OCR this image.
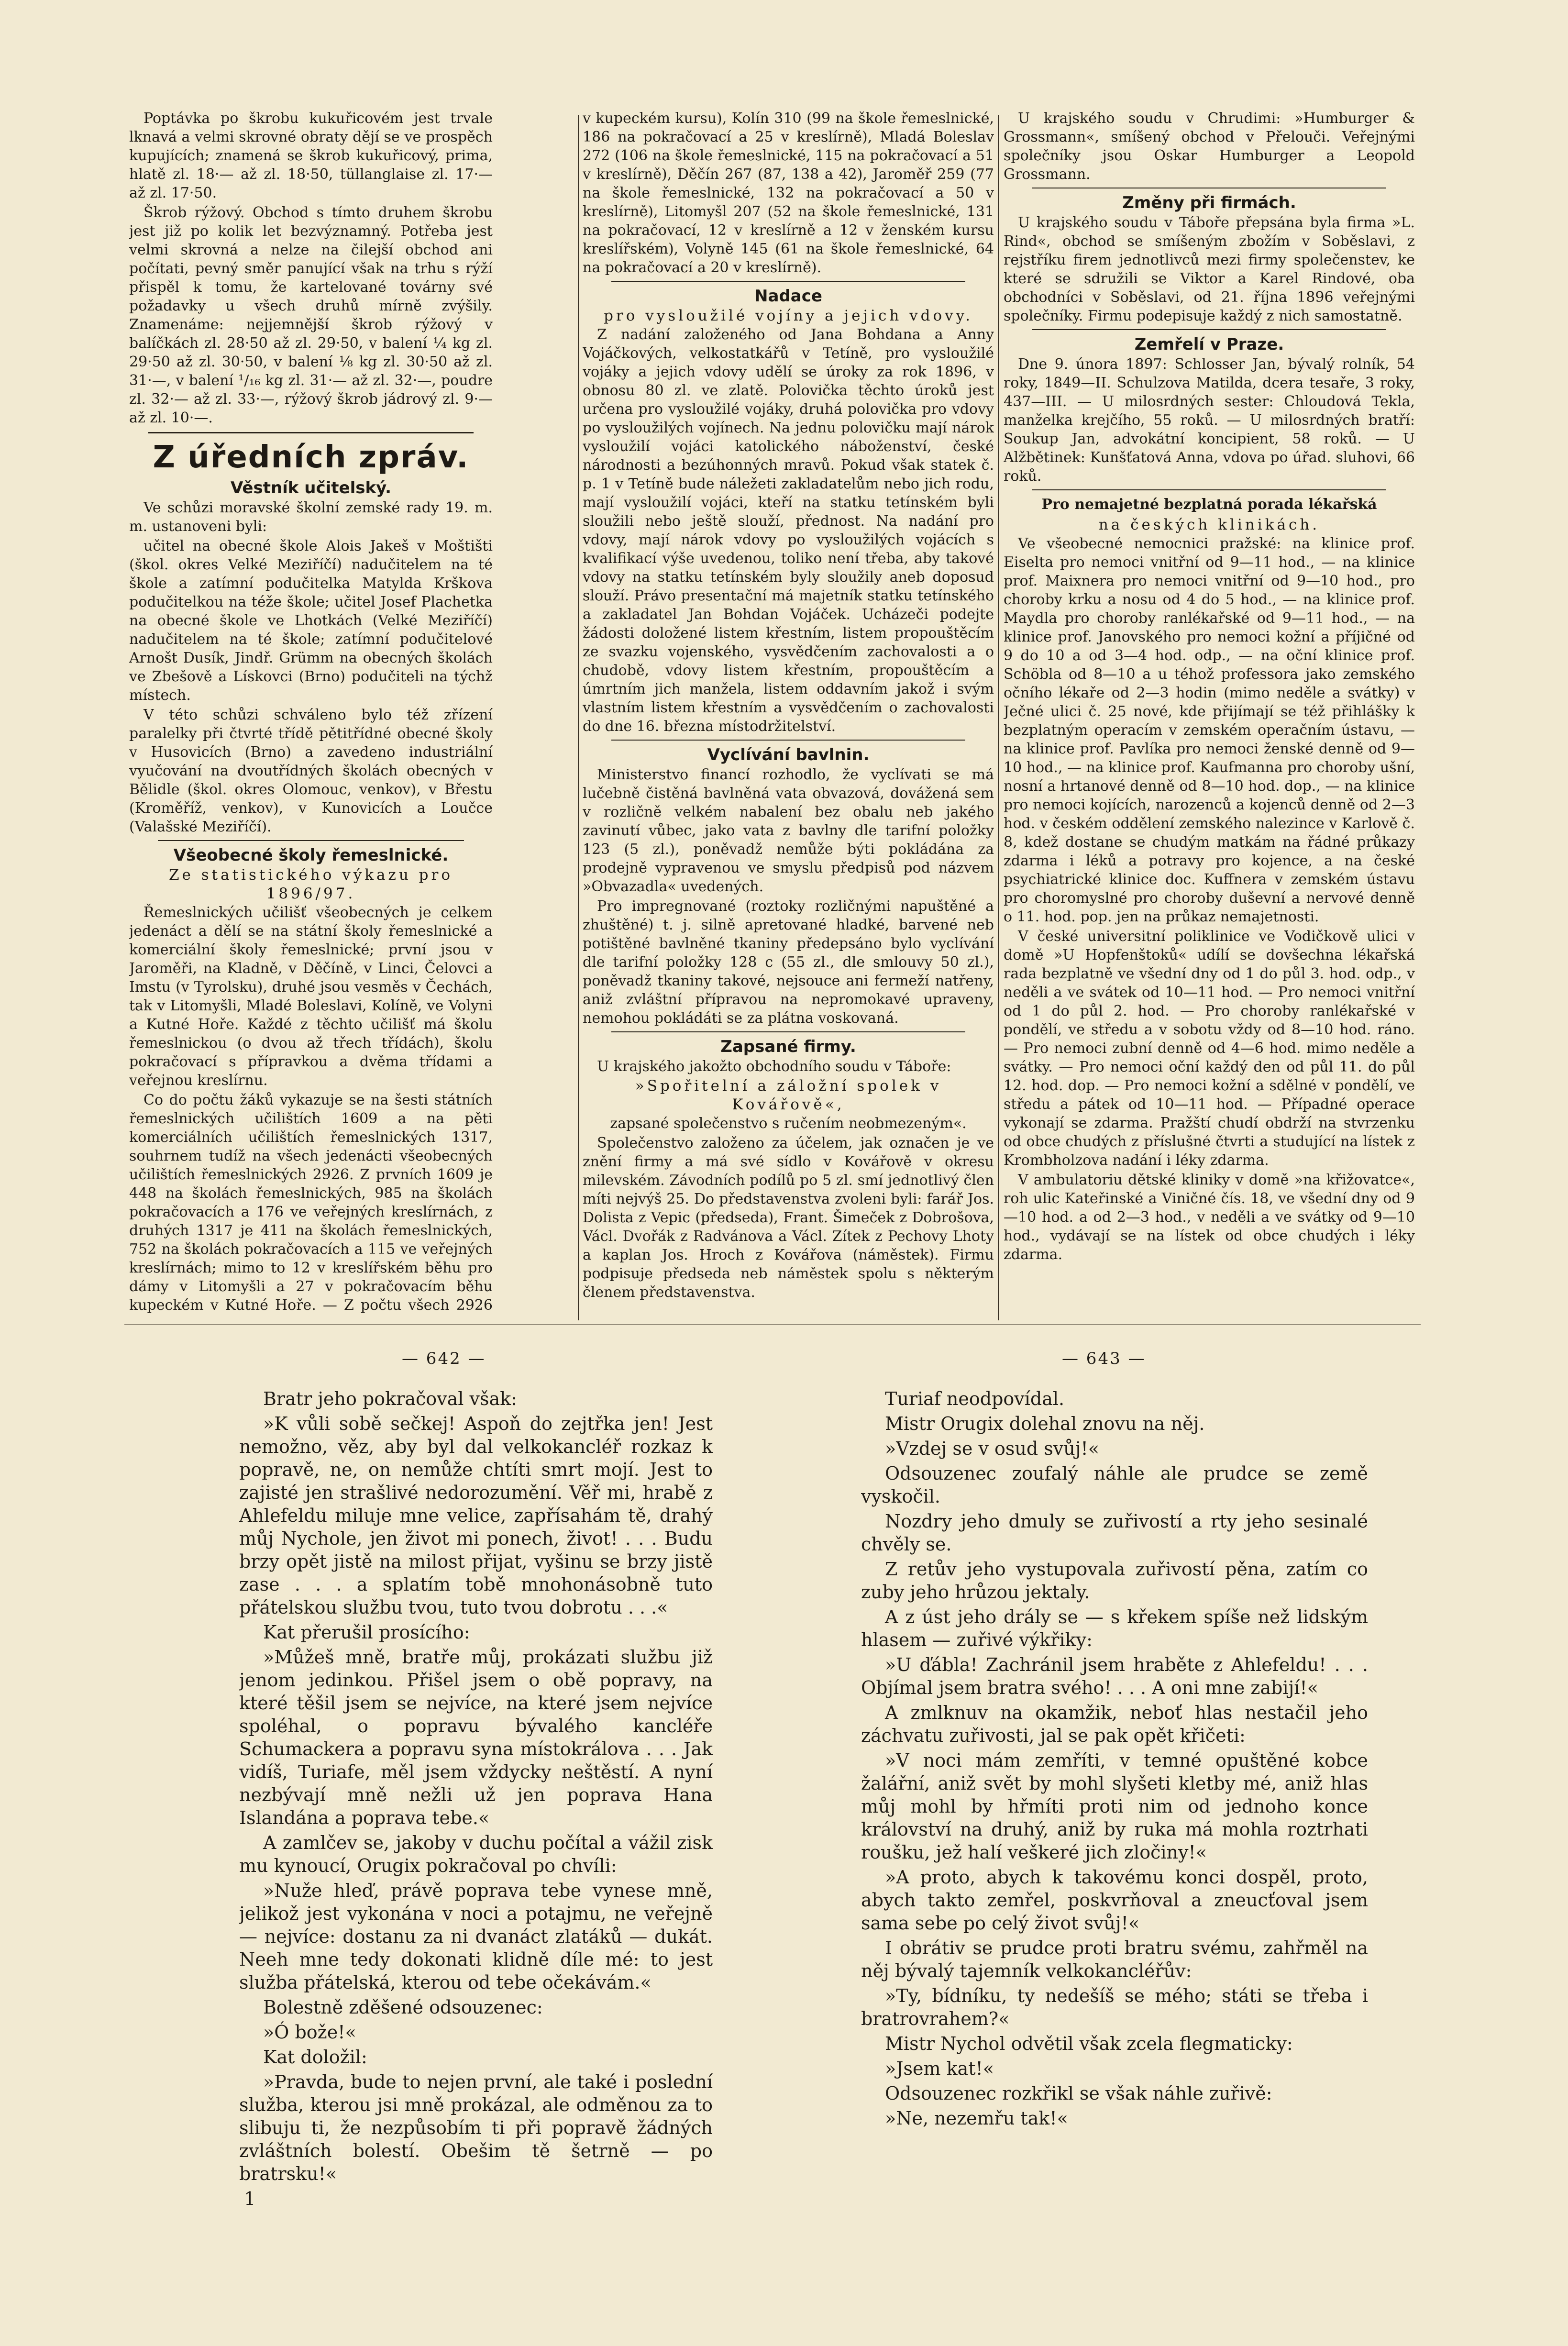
Poptávka po škrobu kukuřicovém jest trvale lknavá a velmi skrovné obraty dějí se ve prospěch kupujících; znamená se škrob kukuřicový, prima, hlatě zl. 18·— až zl. 18·50, tüllanglaise zl. 17·— až zl. 17·50.

Škrob rýžový. Obchod s tímto druhem škrobu jest již po kolik let bezvýznamný. Potřeba jest velmi skrovná a nelze na čilejší obchod ani počítati, pevný směr panující však na trhu s rýží přispěl k tomu, že kartelované továrny své požadavky u všech druhů mírně zvýšily. Znamenáme: nejjemnější škrob rýžový v balíčkách zl. 28·50 až zl. 29·50, v balení ¼ kg zl. 29·50 až zl. 30·50, v balení ⅛ kg zl. 30·50 až zl. 31·—, v balení ¹/₁₆ kg zl. 31·— až zl. 32·—, poudre zl. 32·— až zl. 33·—, rýžový škrob jádrový zl. 9·— až zl. 10·—.

Z úředních zpráv.
Věstník učitelský.

Ve schůzi moravské školní zemské rady 19. m. m. ustanoveni byli:

učitel na obecné škole Alois Jakeš v Moštišti (škol. okres Velké Meziříčí) nadučitelem na té škole a zatímní podučitelka Matylda Krškova podučitelkou na téže škole; učitel Josef Plachetka na obecné škole ve Lhotkách (Velké Meziříčí) nadučitelem na té škole; zatímní podučitelové Arnošt Dusík, Jindř. Grümm na obecných školách ve Zbešově a Lískovci (Brno) podučiteli na týchž místech.

V této schůzi schváleno bylo též zřízení paralelky při čtvrté třídě pětitřídné obecné školy v Husovicích (Brno) a zavedeno industriální vyučování na dvoutřídných školách obecných v Bělidle (škol. okres Olomouc, venkov), v Břestu (Kroměříž, venkov), v Kunovicích a Loučce (Valašské Meziříčí).

Všeobecné školy řemeslnické.
Ze statistického výkazu pro 1896/97.

Řemeslnických učilišť všeobecných je celkem jedenáct a dělí se na státní školy řemeslnické a komerciální školy řemeslnické; první jsou v Jaroměři, na Kladně, v Děčíně, v Linci, Čelovci a Imstu (v Tyrolsku), druhé jsou vesměs v Čechách, tak v Litomyšli, Mladé Boleslavi, Kolíně, ve Volyni a Kutné Hoře. Každé z těchto učilišť má školu řemeslnickou (o dvou až třech třídách), školu pokračovací s přípravkou a dvěma třídami a veřejnou kreslírnu.

Co do počtu žáků vykazuje se na šesti státních řemeslnických učilištích 1609 a na pěti komerciálních učilištích řemeslnických 1317, souhrnem tudíž na všech jedenácti všeobecných učilištích řemeslnických 2926. Z prvních 1609 je 448 na školách řemeslnických, 985 na školách pokračovacích a 176 ve veřejných kreslírnách, z druhých 1317 je 411 na školách řemeslnických, 752 na školách pokračovacích a 115 ve veřejných kreslírnách; mimo to 12 v kreslířském běhu pro dámy v Litomyšli a 27 v pokračovacím běhu kupeckém v Kutné Hoře. — Z počtu všech 2926

v kupeckém kursu), Kolín 310 (99 na škole řemeslnické, 186 na pokračovací a 25 v kreslírně), Mladá Boleslav 272 (106 na škole řemeslnické, 115 na pokračovací a 51 v kreslírně), Děčín 267 (87, 138 a 42), Jaroměř 259 (77 na škole řemeslnické, 132 na pokračovací a 50 v kreslírně), Litomyšl 207 (52 na škole řemeslnické, 131 na pokračovací, 12 v kreslírně a 12 v ženském kursu kreslířském), Volyně 145 (61 na škole řemeslnické, 64 na pokračovací a 20 v kreslírně).

Nadace
pro vysloužilé vojíny a jejich vdovy.

Z nadání založeného od Jana Bohdana a Anny Vojáčkových, velkostatkářů v Tetíně, pro vysloužilé vojáky a jejich vdovy udělí se úroky za rok 1896, v obnosu 80 zl. ve zlatě. Polovička těchto úroků jest určena pro vysloužilé vojáky, druhá polovička pro vdovy po vysloužilých vojínech. Na jednu polovičku mají nárok vysloužilí vojáci katolického náboženství, české národnosti a bezúhonných mravů. Pokud však statek č. p. 1 v Tetíně bude náležeti zakladatelům nebo jich rodu, mají vysloužilí vojáci, kteří na statku tetínském byli sloužili nebo ještě slouží, přednost. Na nadání pro vdovy, mají nárok vdovy po vysloužilých vojácích s kvalifikací výše uvedenou, toliko není třeba, aby takové vdovy na statku tetínském byly sloužily aneb doposud slouží. Právo presentační má majetník statku tetínského a zakladatel Jan Bohdan Vojáček. Ucházeči podejte žádosti doložené listem křestním, listem propouštěcím ze svazku vojenského, vysvědčením zachovalosti a o chudobě, vdovy listem křestním, propouštěcím a úmrtním jich manžela, listem oddavním jakož i svým vlastním listem křestním a vysvědčením o zachovalosti do dne 16. března místodržitelství.

Vyclívání bavlnin.

Ministerstvo financí rozhodlo, že vyclívati se má lučebně čistěná bavlněná vata obvazová, dovážená sem v rozličně velkém nabalení bez obalu neb jakého zavinutí vůbec, jako vata z bavlny dle tarifní položky 123 (5 zl.), poněvadž nemůže býti pokládána za prodejně vypravenou ve smyslu předpisů pod názvem »Obvazadla« uvedených.

Pro impregnované (roztoky rozličnými napuštěné a zhuštěné) t. j. silně apretované hladké, barvené neb potištěné bavlněné tkaniny předepsáno bylo vyclívání dle tarifní položky 128 c (55 zl., dle smlouvy 50 zl.), poněvadž tkaniny takové, nejsouce ani fermeží natřeny, aniž zvláštní přípravou na nepromokavé upraveny, nemohou pokládáti se za plátna voskovaná.

Zapsané firmy.

U krajského jakožto obchodního soudu v Táboře:

»Spořitelní a záložní spolek v Kovářově«,

zapsané společenstvo s ručením neobmezeným«.

Společenstvo založeno za účelem, jak označen je ve znění firmy a má své sídlo v Kovářově v okresu milevském. Závodních podílů po 5 zl. smí jednotlivý člen míti nejvýš 25. Do představenstva zvoleni byli: farář Jos. Dolista z Vepic (předseda), Frant. Šimeček z Dobrošova, Václ. Dvořák z Radvánova a Václ. Zítek z Pechovy Lhoty a kaplan Jos. Hroch z Kovářova (náměstek). Firmu podpisuje předseda neb náměstek spolu s některým členem představenstva.

U krajského soudu v Chrudimi: »Humburger & Grossmann«, smíšený obchod v Přelouči. Veřejnými společníky jsou Oskar Humburger a Leopold Grossmann.

Změny při firmách.

U krajského soudu v Táboře přepsána byla firma »L. Rind«, obchod se smíšeným zbožím v Soběslavi, z rejstříku firem jednotlivců mezi firmy společenstev, ke které se sdružili se Viktor a Karel Rindové, oba obchodníci v Soběslavi, od 21. října 1896 veřejnými společníky. Firmu podepisuje každý z nich samostatně.

Zemřelí v Praze.

Dne 9. února 1897: Schlosser Jan, bývalý rolník, 54 roky, 1849—II. Schulzova Matilda, dcera tesaře, 3 roky, 437—III. — U milosrdných sester: Chloudová Tekla, manželka krejčího, 55 roků. — U milosrdných bratří: Soukup Jan, advokátní koncipient, 58 roků. — U Alžbětinek: Kunšťatová Anna, vdova po úřad. sluhovi, 66 roků.

Pro nemajetné bezplatná porada lékařská
na českých klinikách.

Ve všeobecné nemocnici pražské: na klinice prof. Eiselta pro nemoci vnitřní od 9—11 hod., — na klinice prof. Maixnera pro nemoci vnitřní od 9—10 hod., pro choroby krku a nosu od 4 do 5 hod., — na klinice prof. Maydla pro choroby ranlékařské od 9—11 hod., — na klinice prof. Janovského pro nemoci kožní a příjičné od 9 do 10 a od 3—4 hod. odp., — na oční klinice prof. Schöbla od 8—10 a u téhož professora jako zemského očního lékaře od 2—3 hodin (mimo neděle a svátky) v Ječné ulici č. 25 nové, kde přijímají se též přihlášky k bezplatným operacím v zemském operačním ústavu, — na klinice prof. Pavlíka pro nemoci ženské denně od 9—10 hod., — na klinice prof. Kaufmanna pro choroby ušní, nosní a hrtanové denně od 8—10 hod. dop., — na klinice pro nemoci kojících, narozenců a kojenců denně od 2—3 hod. v českém oddělení zemského nalezince v Karlově č. 8, kdež dostane se chudým matkám na řádné průkazy zdarma i léků a potravy pro kojence, a na české psychiatrické klinice doc. Kuffnera v zemském ústavu pro choromyslné pro choroby duševní a nervové denně o 11. hod. pop. jen na průkaz nemajetnosti.

V české universitní poliklinice ve Vodičkově ulici v domě »U Hopfenštoků« udílí se dovšechna lékařská rada bezplatně ve všední dny od 1 do půl 3. hod. odp., v neděli a ve svátek od 10—11 hod. — Pro nemoci vnitřní od 1 do půl 2. hod. — Pro choroby ranlékařské v pondělí, ve středu a v sobotu vždy od 8—10 hod. ráno. — Pro nemoci zubní denně od 4—6 hod. mimo neděle a svátky. — Pro nemoci oční každý den od půl 11. do půl 12. hod. dop. — Pro nemoci kožní a sdělné v pondělí, ve středu a pátek od 10—11 hod. — Případné operace vykonají se zdarma. Pražští chudí obdrží na stvrzenku od obce chudých z příslušné čtvrti a studující na lístek z Krombholzova nadání i léky zdarma.

V ambulatoriu dětské kliniky v domě »na křižovatce«, roh ulic Kateřinské a Viničné čís. 18, ve všední dny od 9—10 hod. a od 2—3 hod., v neděli a ve svátky od 9—10 hod., vydávají se na lístek od obce chudých i léky zdarma.

— 642 —	— 643 —

Bratr jeho pokračoval však:

»K vůli sobě sečkej! Aspoň do zejtřka jen! Jest nemožno, věz, aby byl dal velkokancléř rozkaz k popravě, ne, on nemůže chtíti smrt mojí. Jest to zajisté jen strašlivé nedorozumění. Věř mi, hrabě z Ahlefeldu miluje mne velice, zapřísahám tě, drahý můj Nychole, jen život mi ponech, život! . . . Budu brzy opět jistě na milost přijat, vyšinu se brzy jistě zase . . . a splatím tobě mnohonásobně tuto přátelskou službu tvou, tuto tvou dobrotu . . .«

Kat přerušil prosícího:

»Můžeš mně, bratře můj, prokázati službu již jenom jedinkou. Přišel jsem o obě popravy, na které těšil jsem se nejvíce, na které jsem nejvíce spoléhal, o popravu bývalého kancléře Schumackera a popravu syna místokrálova . . . Jak vidíš, Turiafe, měl jsem vždycky neštěstí. A nyní nezbývají mně nežli už jen poprava Hana Islandána a poprava tebe.«

A zamlčev se, jakoby v duchu počítal a vážil zisk mu kynoucí, Orugix pokračoval po chvíli:

»Nuže hleď, právě poprava tebe vynese mně, jelikož jest vykonána v noci a potajmu, ne veřejně — nejvíce: dostanu za ni dvanáct zlatáků — dukát. Neeh mne tedy dokonati klidně díle mé: to jest služba přátelská, kterou od tebe očekávám.«

Bolestně zděšené odsouzenec:

»Ó bože!«

Kat doložil:

»Pravda, bude to nejen první, ale také i poslední služba, kterou jsi mně prokázal, ale odměnou za to slibuju ti, že nezpůsobím ti při popravě žádných zvláštních bolestí. Obešim tě šetrně — po bratrsku!«

1

Turiaf neodpovídal.

Mistr Orugix dolehal znovu na něj.

»Vzdej se v osud svůj!«

Odsouzenec zoufalý náhle ale prudce se země vyskočil.

Nozdry jeho dmuly se zuřivostí a rty jeho sesinalé chvěly se.

Z retův jeho vystupovala zuřivostí pěna, zatím co zuby jeho hrůzou jektaly.

A z úst jeho drály se — s křekem spíše než lidským hlasem — zuřivé výkřiky:

»U ďábla! Zachránil jsem hraběte z Ahlefeldu! . . . Objímal jsem bratra svého! . . . A oni mne zabijí!«

A zmlknuv na okamžik, neboť hlas nestačil jeho záchvatu zuřivosti, jal se pak opět křičeti:

»V noci mám zemříti, v temné opuštěné kobce žalářní, aniž svět by mohl slyšeti kletby mé, aniž hlas můj mohl by hřmíti proti nim od jednoho konce království na druhý, aniž by ruka má mohla roztrhati roušku, jež halí veškeré jich zločiny!«

»A proto, abych k takovému konci dospěl, proto, abych takto zemřel, poskvrňoval a zneucťoval jsem sama sebe po celý život svůj!«

I obrátiv se prudce proti bratru svému, zahřměl na něj bývalý tajemník velkokancléřův:

»Ty, bídníku, ty nedešíš se mého; státi se třeba i bratrovrahem?«

Mistr Nychol odvětil však zcela flegmaticky:

»Jsem kat!«

Odsouzenec rozkřikl se však náhle zuřivě:

»Ne, nezemřu tak!«
